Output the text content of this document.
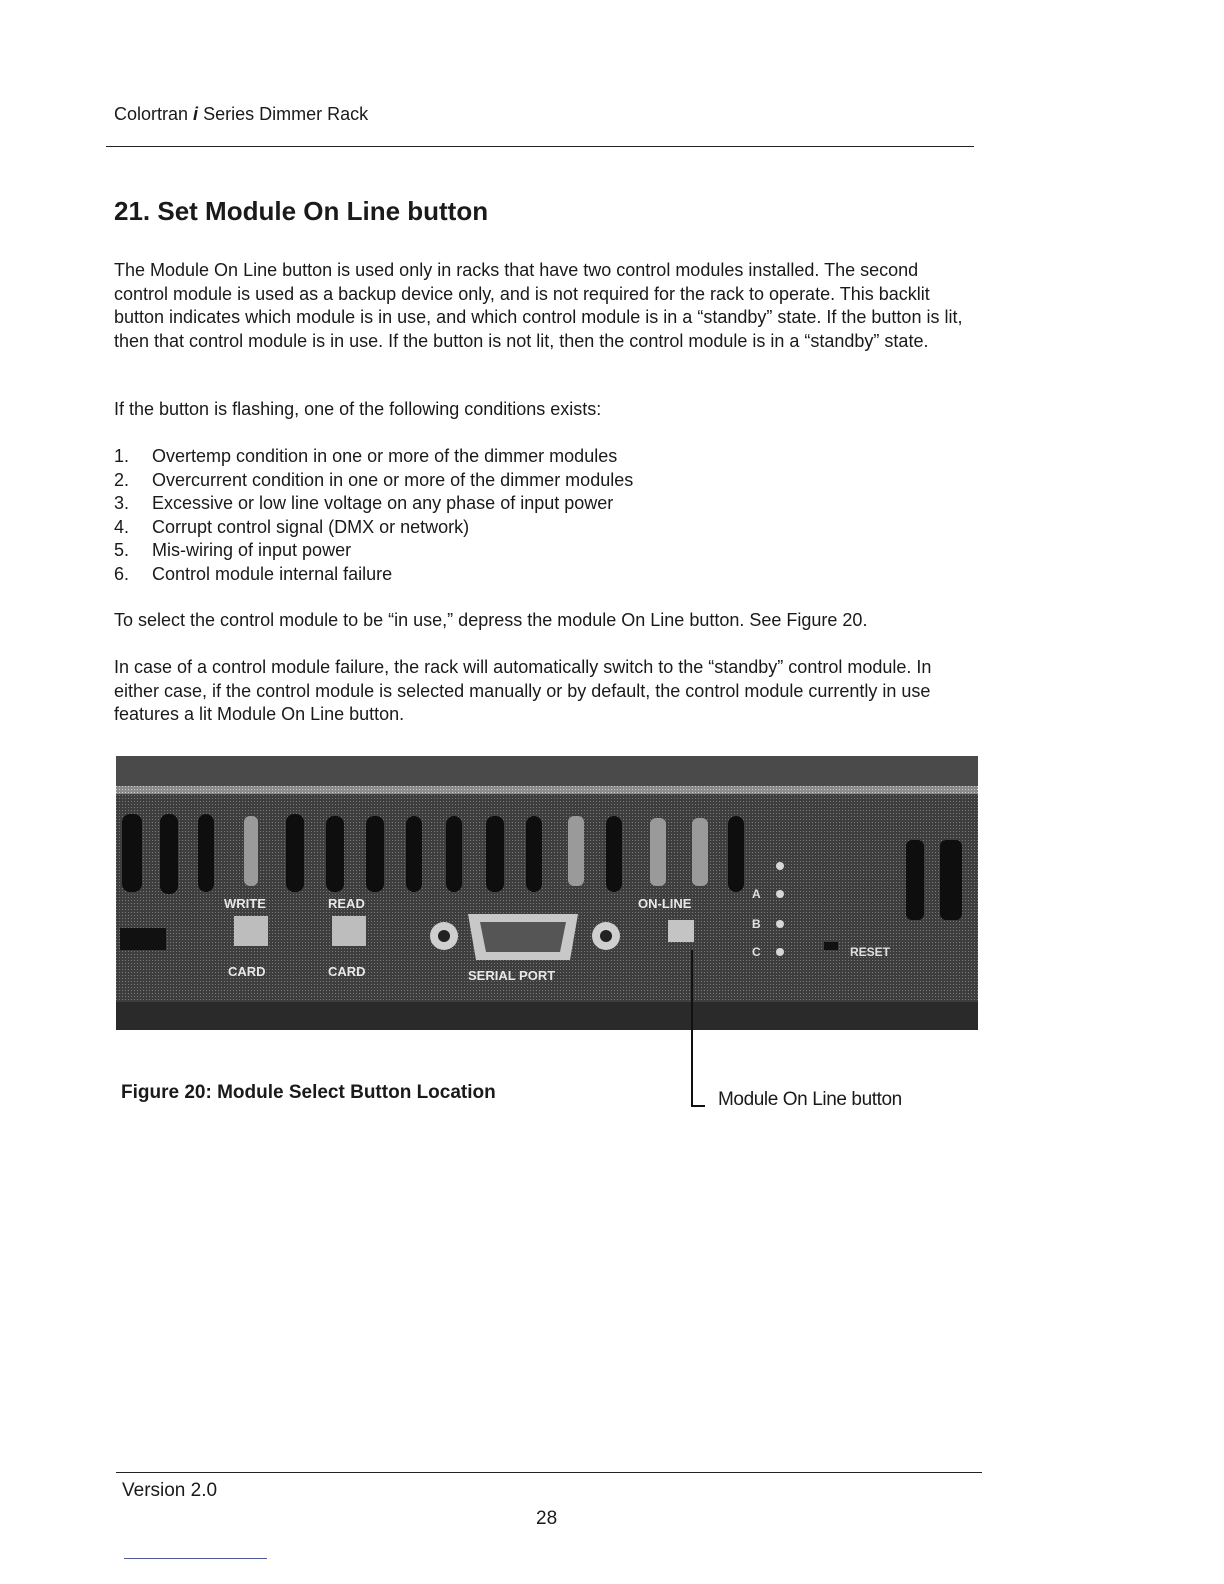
Colortran i Series Dimmer Rack
21. Set Module On Line button

The Module On Line button is used only in racks that have two control modules installed. The second control module is used as a backup device only, and is not required for the rack to operate. This backlit button indicates which module is in use, and which control module is in a “standby” state. If the button is lit, then that control module is in use. If the button is not lit, then the control module is in a “standby” state.

If the button is flashing, one of the following conditions exists:

1.	Overtemp condition in one or more of the dimmer modules
2.	Overcurrent condition in one or more of the dimmer modules
3.	Excessive or low line voltage on any phase of input power
4.	Corrupt control signal (DMX or network)
5.	Mis-wiring of input power
6.	Control module internal failure

To select the control module to be “in use,” depress the module On Line button. See Figure 20.

In case of a control module failure, the rack will automatically switch to the “standby” control module. In either case, if the control module is selected manually or by default, the control module currently in use features a lit Module On Line button.

WRITE
CARD
READ
CARD	SERIAL PORT
ON-LINE
A
B
C	RESET
Figure 20: Module Select Button Location	Module On Line button
Version 2.0
28
